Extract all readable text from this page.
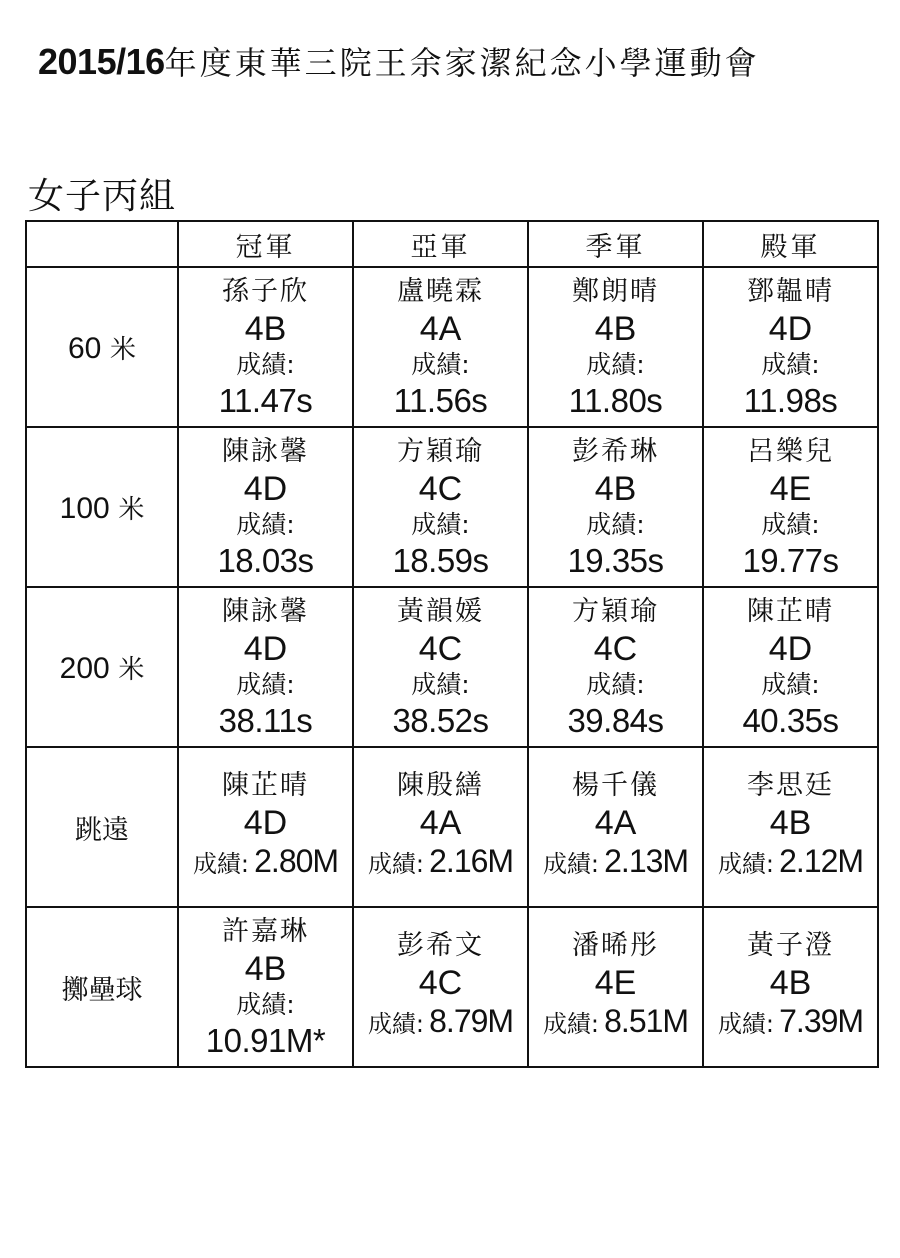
2015/16年度東華三院王余家潔紀念小學運動會
女子丙組
	冠軍	亞軍	季軍	殿軍
60 米	孫子欣
4B
成績:
11.47s	盧曉霖
4A
成績:
11.56s	鄭朗晴
4B
成績:
11.80s	鄧韞晴
4D
成績:
11.98s

100 米	陳詠馨
4D
成績:
18.03s	方穎瑜
4C
成績:
18.59s	彭希琳
4B
成績:
19.35s	呂樂兒
4E
成績:
19.77s

200 米	陳詠馨
4D
成績:
38.11s	黃韻媛
4C
成績:
38.52s	方穎瑜
4C
成績:
39.84s	陳芷晴
4D
成績:
40.35s

跳遠	陳芷晴
4D
成績: 2.80M	陳殷繕
4A
成績: 2.16M	楊千儀
4A
成績: 2.13M	李思廷
4B
成績: 2.12M

擲壘球	許嘉琳
4B
成績:
10.91M*	彭希文
4C
成績: 8.79M	潘晞彤
4E
成績: 8.51M	黃子澄
4B
成績: 7.39M
